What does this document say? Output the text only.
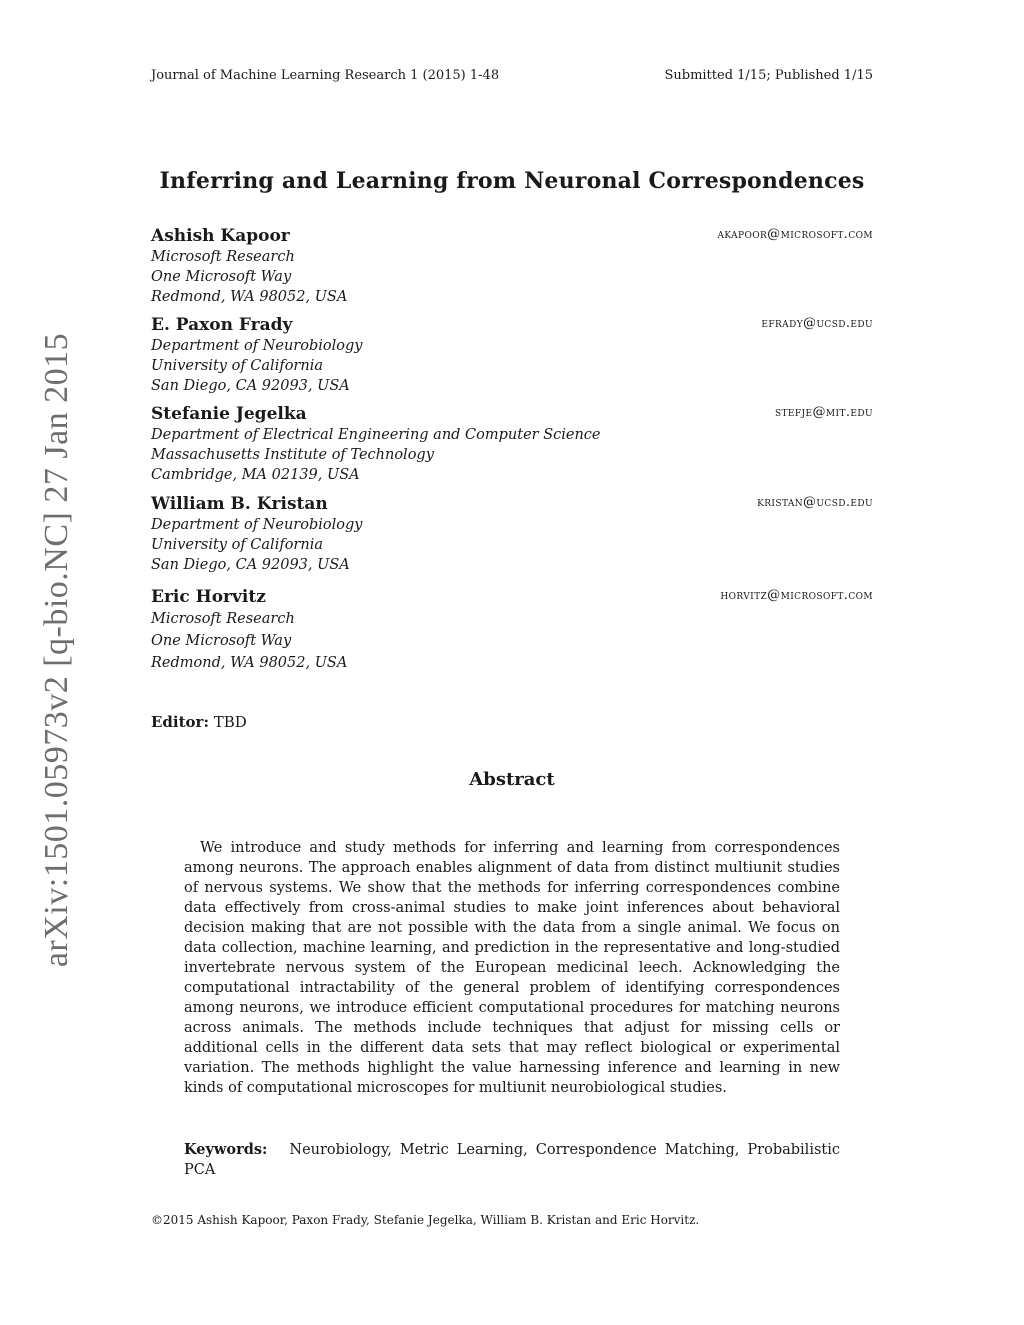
Journal of Machine Learning Research 1 (2015) 1-48	Submitted 1/15; Published 1/15
Inferring and Learning from Neuronal Correspondences
Ashish Kapoor	akapoor@microsoft.com
Microsoft Research
One Microsoft Way
Redmond, WA 98052, USA
E. Paxon Frady	efrady@ucsd.edu
Department of Neurobiology
University of California
San Diego, CA 92093, USA
Stefanie Jegelka	stefje@mit.edu
Department of Electrical Engineering and Computer Science
Massachusetts Institute of Technology
Cambridge, MA 02139, USA
William B. Kristan	kristan@ucsd.edu
Department of Neurobiology
University of California
San Diego, CA 92093, USA
Eric Horvitz	horvitz@microsoft.com
Microsoft Research
One Microsoft Way
Redmond, WA 98052, USA
Editor: TBD
Abstract
We introduce and study methods for inferring and learning from correspondences among neurons. The approach enables alignment of data from distinct multiunit studies of nervous systems. We show that the methods for inferring correspondences combine data effectively from cross-animal studies to make joint inferences about behavioral decision making that are not possible with the data from a single animal. We focus on data collection, machine learning, and prediction in the representative and long-studied invertebrate nervous system of the European medicinal leech. Acknowledging the computational intractability of the general problem of identifying correspondences among neurons, we introduce efficient computational procedures for matching neurons across animals. The methods include techniques that adjust for missing cells or additional cells in the different data sets that may reflect biological or experimental variation. The methods highlight the value harnessing inference and learning in new kinds of computational microscopes for multiunit neurobiological studies.
Keywords: Neurobiology, Metric Learning, Correspondence Matching, Probabilistic PCA
©2015 Ashish Kapoor, Paxon Frady, Stefanie Jegelka, William B. Kristan and Eric Horvitz.
arXiv:1501.05973v2 [q-bio.NC] 27 Jan 2015
